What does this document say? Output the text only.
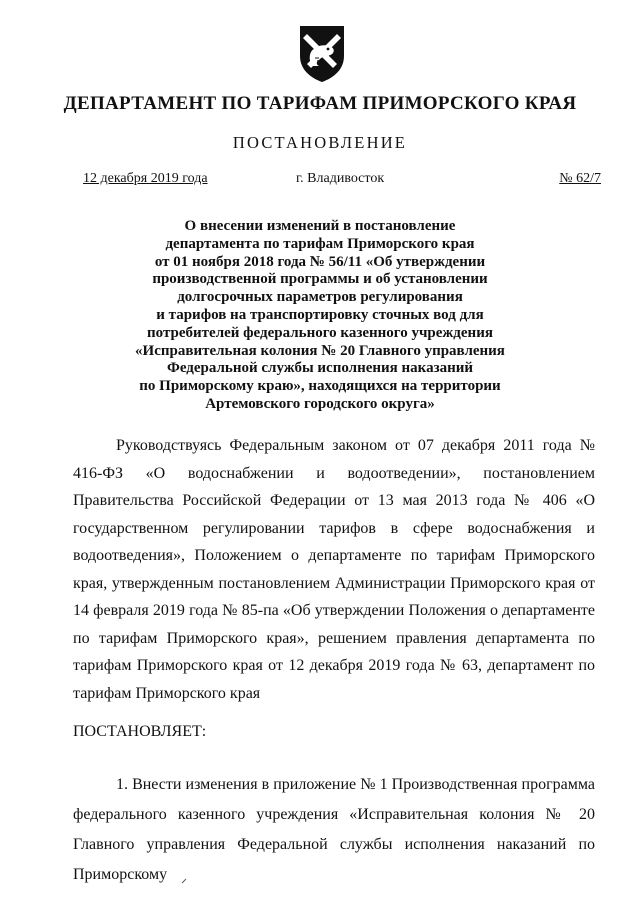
ДЕПАРТАМЕНТ ПО ТАРИФАМ ПРИМОРСКОГО КРАЯ
ПОСТАНОВЛЕНИЕ
12 декабря 2019 года	г. Владивосток	№ 62/7
О внесении изменений в постановление
департамента по тарифам Приморского края
от 01 ноября 2018 года № 56/11 «Об утверждении
производственной программы и об установлении
долгосрочных параметров регулирования
и тарифов на транспортировку сточных вод для
потребителей федерального казенного учреждения
«Исправительная колония № 20 Главного управления
Федеральной службы исполнения наказаний
по Приморскому краю», находящихся на территории
Артемовского городского округа»
Руководствуясь Федеральным законом от 07 декабря 2011 года № 416-ФЗ «О водоснабжении и водоотведении», постановлением Правительства Российской Федерации от 13 мая 2013 года № 406 «О государственном регулировании тарифов в сфере водоснабжения и водоотведения», Положением о департаменте по тарифам Приморского края, утвержденным постановлением Администрации Приморского края от 14 февраля 2019 года № 85-па «Об утверждении Положения о департаменте по тарифам Приморского края», решением правления департамента по тарифам Приморского края от 12 декабря 2019 года № 63, департамент по тарифам Приморского края
ПОСТАНОВЛЯЕТ:
1. Внести изменения в приложение № 1 Производственная программа федерального казенного учреждения «Исправительная колония № 20 Главного управления Федеральной службы исполнения наказаний по Приморскому
